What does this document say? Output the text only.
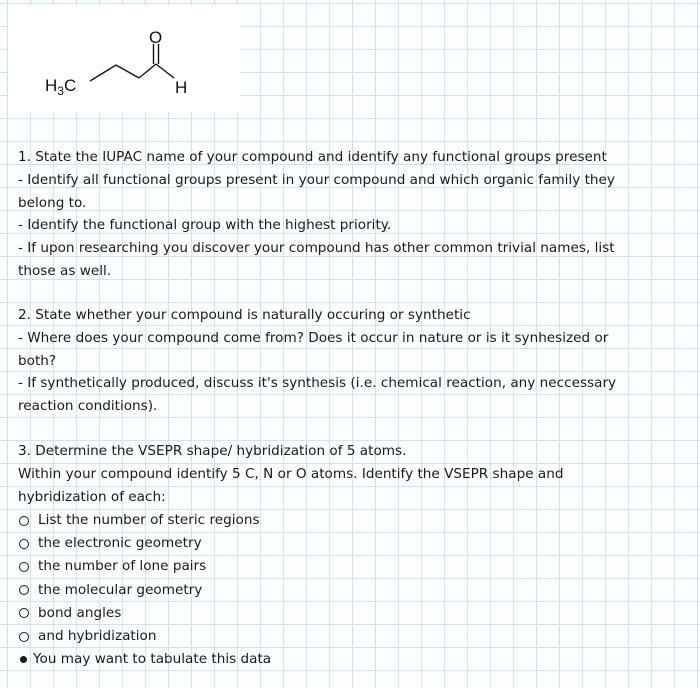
$H_3C$
O
H

1. State the IUPAC name of your compound and identify any functional groups present

- Identify all functional groups present in your compound and which organic family they

belong to.

- Identify the functional group with the highest priority.

- If upon researching you discover your compound has other common trivial names, list

those as well.

2. State whether your compound is naturally occuring or synthetic

- Where does your compound come from? Does it occur in nature or is it synhesized or

both?

- If synthetically produced, discuss it's synthesis (i.e. chemical reaction, any neccessary

reaction conditions).

3. Determine the VSEPR shape/ hybridization of 5 atoms.

Within your compound identify 5 C, N or O atoms. Identify the VSEPR shape and

hybridization of each:

List the number of steric regions
the electronic geometry
the number of lone pairs
the molecular geometry
bond angles
and hybridization
You may want to tabulate this data
